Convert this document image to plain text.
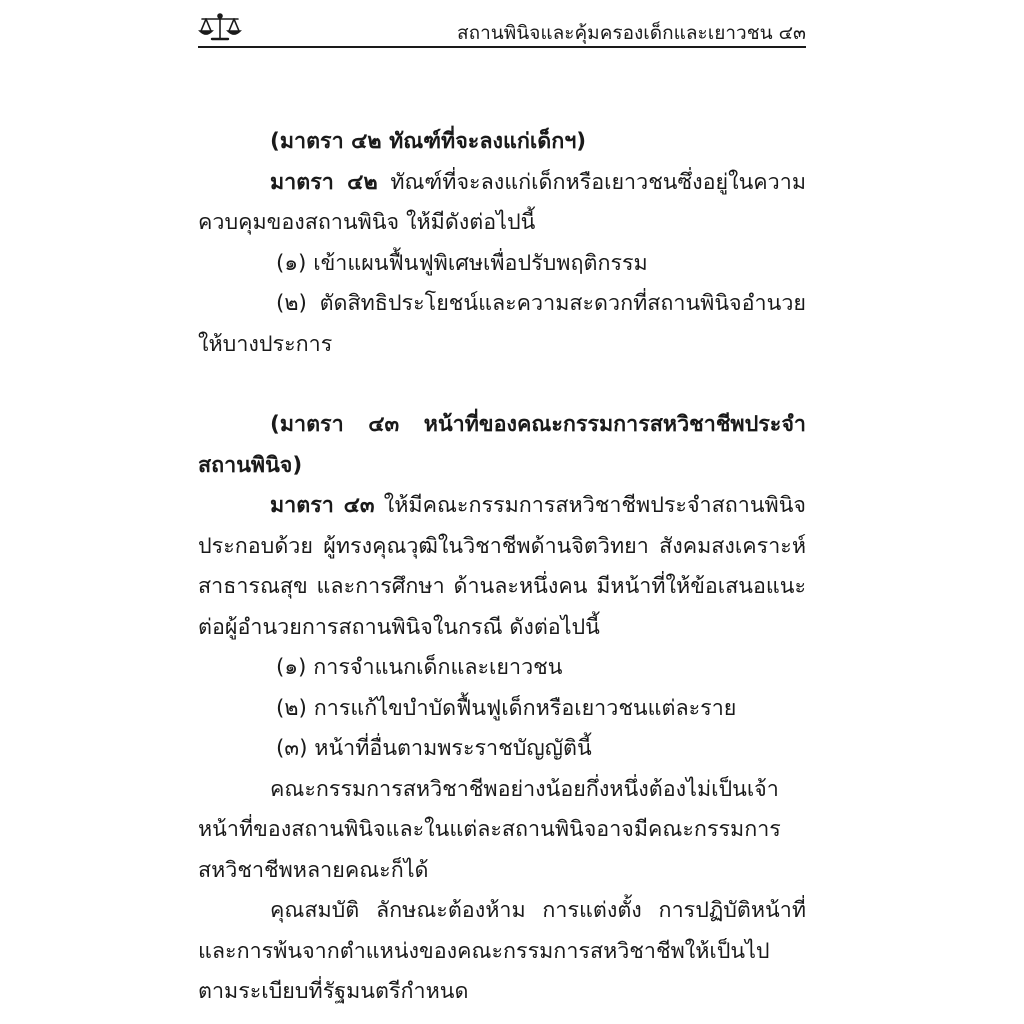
สถานพินิจและคุ้มครองเด็กและเยาวชน ๔๓

(มาตรา ๔๒ ทัณฑ์ที่จะลงแก่เด็กฯ)

มาตรา ๔๒ ทัณฑ์ที่จะลงแก่เด็กหรือเยาวชนซึ่งอยู่ในความควบคุมของสถานพินิจ ให้มีดังต่อไปนี้

(๑) เข้าแผนฟื้นฟูพิเศษเพื่อปรับพฤติกรรม

(๒) ตัดสิทธิประโยชน์และความสะดวกที่สถานพินิจอำนวยให้บางประการ

(มาตรา ๔๓ หน้าที่ของคณะกรรมการสหวิชาชีพประจำสถานพินิจ)

มาตรา ๔๓ ให้มีคณะกรรมการสหวิชาชีพประจำสถานพินิจ ประกอบด้วย ผู้ทรงคุณวุฒิในวิชาชีพด้านจิตวิทยา สังคมสงเคราะห์ สาธารณสุข และการศึกษา ด้านละหนึ่งคน มีหน้าที่ให้ข้อเสนอแนะต่อผู้อำนวยการสถานพินิจในกรณี ดังต่อไปนี้

(๑) การจำแนกเด็กและเยาวชน

(๒) การแก้ไขบำบัดฟื้นฟูเด็กหรือเยาวชนแต่ละราย

(๓) หน้าที่อื่นตามพระราชบัญญัตินี้

คณะกรรมการสหวิชาชีพอย่างน้อยกึ่งหนึ่งต้องไม่เป็นเจ้าหน้าที่ของสถานพินิจและในแต่ละสถานพินิจอาจมีคณะกรรมการสหวิชาชีพหลายคณะก็ได้

คุณสมบัติ ลักษณะต้องห้าม การแต่งตั้ง การปฏิบัติหน้าที่และการพ้นจากตำแหน่งของคณะกรรมการสหวิชาชีพให้เป็นไปตามระเบียบที่รัฐมนตรีกำหนด
